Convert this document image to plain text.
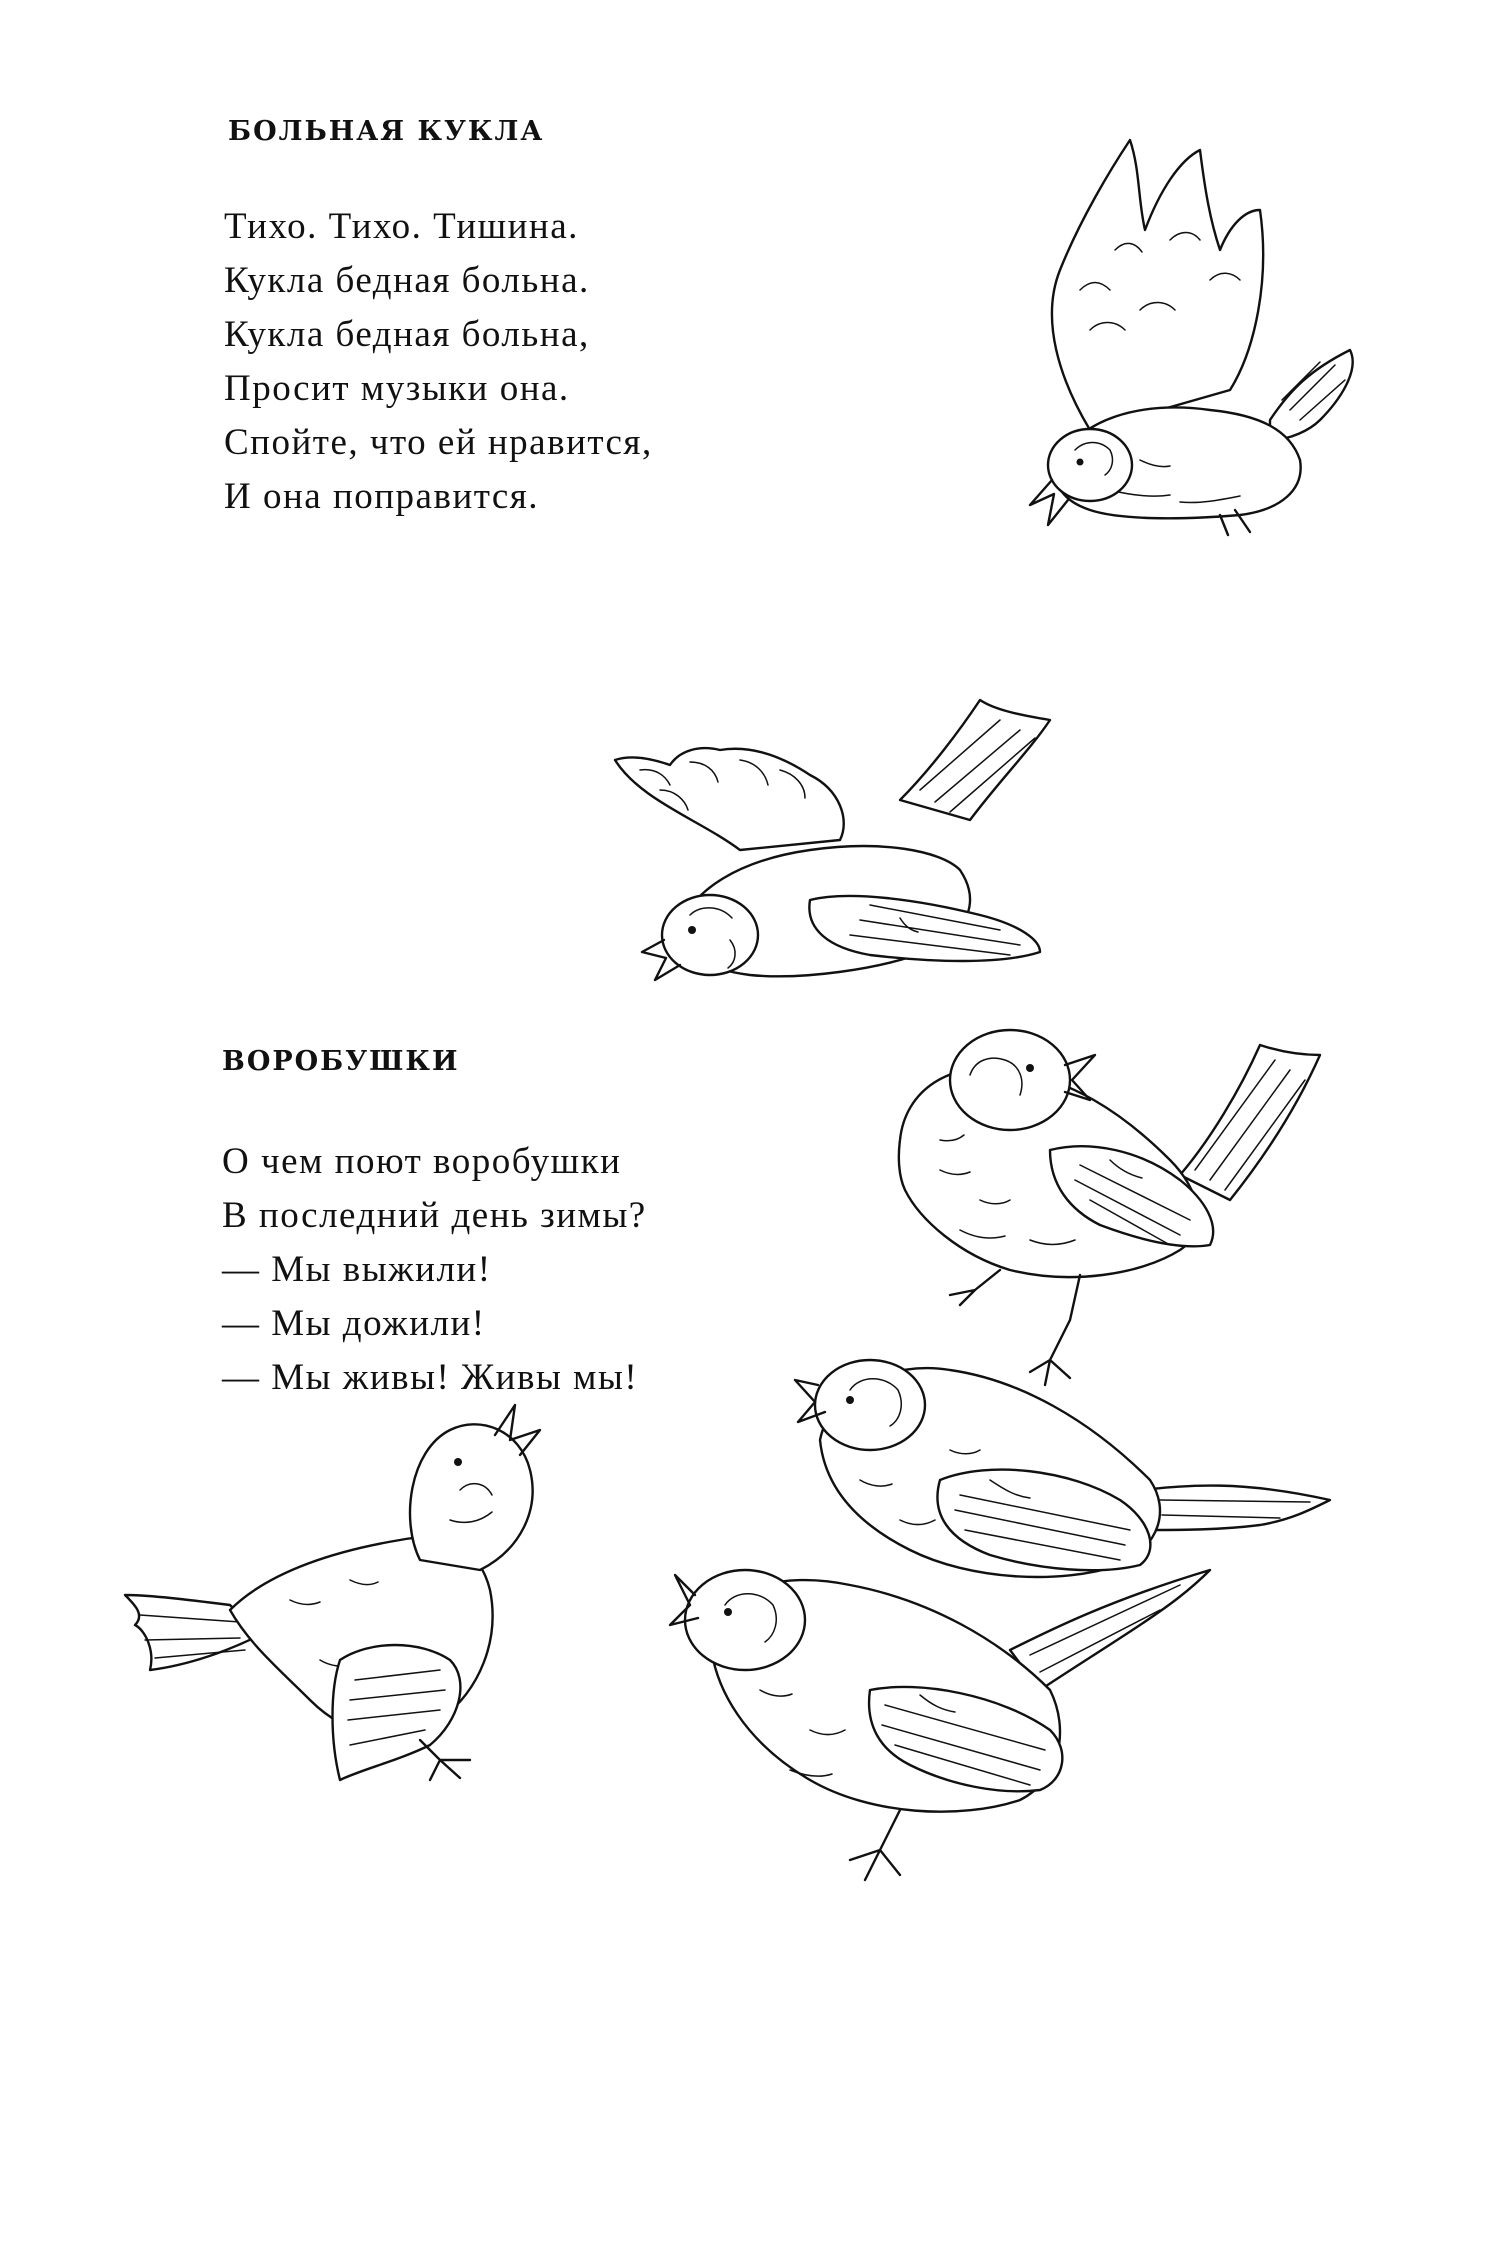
БОЛЬНАЯ КУКЛА
Тихо. Тихо. Тишина.
Кукла бедная больна.
Кукла бедная больна,
Просит музыки она.
Спойте, что ей нравится,
И она поправится.
ВОРОБУШКИ
О чем поют воробушки
В последний день зимы?
— Мы выжили!
— Мы дожили!
— Мы живы! Живы мы!
